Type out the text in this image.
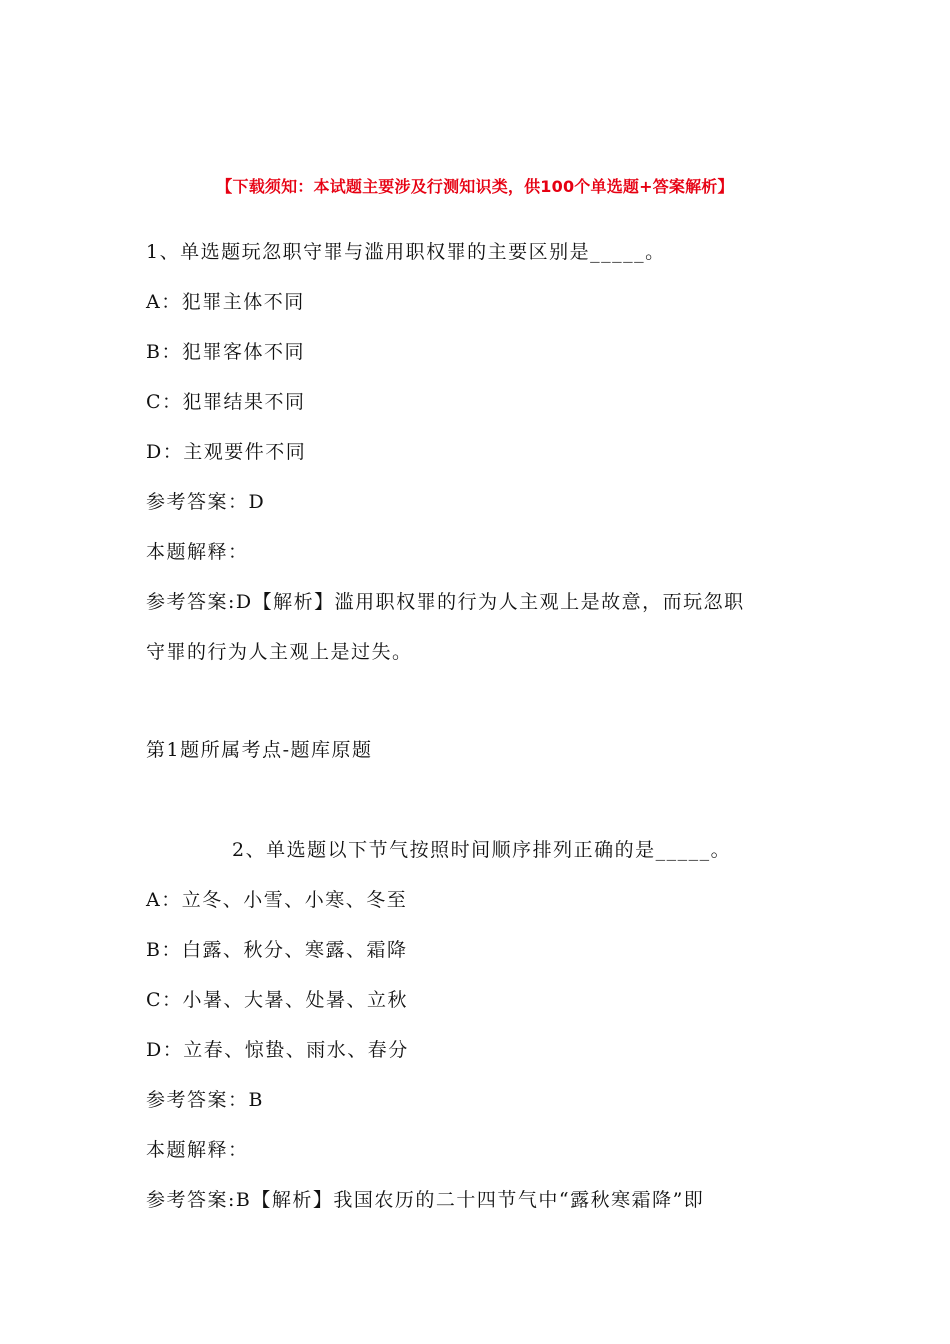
【下载须知：本试题主要涉及行测知识类，供100个单选题+答案解析】
1、单选题玩忽职守罪与滥用职权罪的主要区别是_____。
A：犯罪主体不同
B：犯罪客体不同
C：犯罪结果不同
D：主观要件不同
参考答案：D
本题解释：
参考答案:D【解析】滥用职权罪的行为人主观上是故意，而玩忽职
守罪的行为人主观上是过失。
第1题所属考点-题库原题
2、单选题以下节气按照时间顺序排列正确的是_____。
A：立冬、小雪、小寒、冬至
B：白露、秋分、寒露、霜降
C：小暑、大暑、处暑、立秋
D：立春、惊蛰、雨水、春分
参考答案：B
本题解释：
参考答案:B【解析】我国农历的二十四节气中“露秋寒霜降”即
